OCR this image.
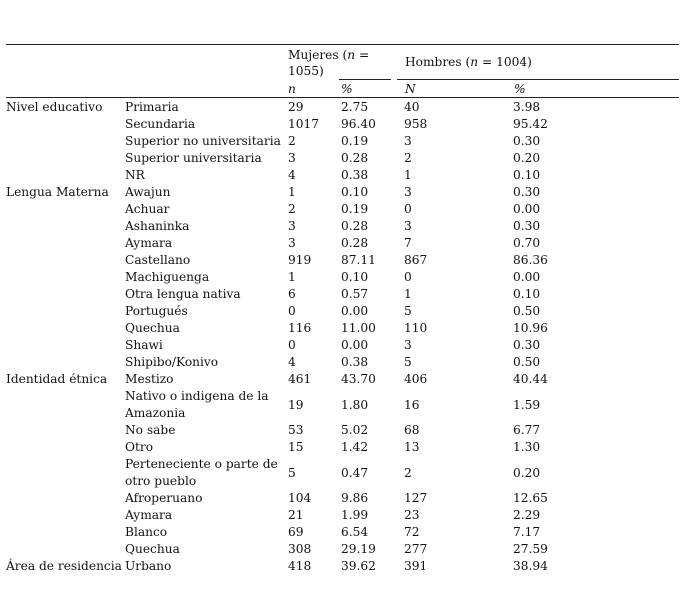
Mujeres (n =
1055)
Hombres (n = 1004)
n	%	N	%
Nivel educativo	Primaria	29	2.75	40	3.98
	Secundaria	1017	96.40	958	95.42
	Superior no universitaria	2	0.19	3	0.30
	Superior universitaria	3	0.28	2	0.20
	NR	4	0.38	1	0.10
Lengua Materna	Awajun	1	0.10	3	0.30
	Achuar	2	0.19	0	0.00
	Ashaninka	3	0.28	3	0.30
	Aymara	3	0.28	7	0.70
	Castellano	919	87.11	867	86.36
	Machiguenga	1	0.10	0	0.00
	Otra lengua nativa	6	0.57	1	0.10
	Portugués	0	0.00	5	0.50
	Quechua	116	11.00	110	10.96
	Shawi	0	0.00	3	0.30
	Shipibo/Konivo	4	0.38	5	0.50
Identidad étnica	Mestizo	461	43.70	406	40.44
	Nativo o indigena de la Amazonia	19	1.80	16	1.59
	No sabe	53	5.02	68	6.77
	Otro	15	1.42	13	1.30
	Perteneciente o parte de otro pueblo	5	0.47	2	0.20
	Afroperuano	104	9.86	127	12.65
	Aymara	21	1.99	23	2.29
	Blanco	69	6.54	72	7.17
	Quechua	308	29.19	277	27.59
Área de residencia	Urbano	418	39.62	391	38.94
